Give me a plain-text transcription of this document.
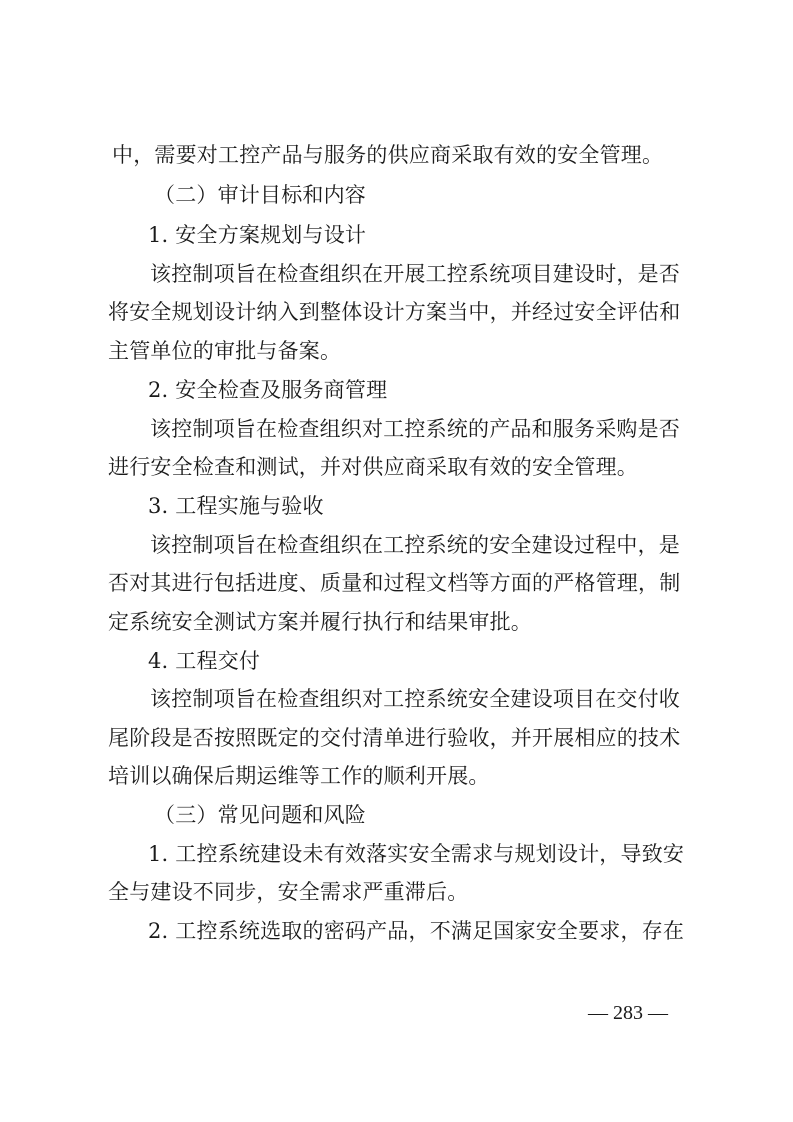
中，需要对工控产品与服务的供应商采取有效的安全管理。
（二）审计目标和内容
1. 安全方案规划与设计
该控制项旨在检查组织在开展工控系统项目建设时，是否
将安全规划设计纳入到整体设计方案当中，并经过安全评估和
主管单位的审批与备案。
2. 安全检查及服务商管理
该控制项旨在检查组织对工控系统的产品和服务采购是否
进行安全检查和测试，并对供应商采取有效的安全管理。
3. 工程实施与验收
该控制项旨在检查组织在工控系统的安全建设过程中，是
否对其进行包括进度、质量和过程文档等方面的严格管理，制
定系统安全测试方案并履行执行和结果审批。
4. 工程交付
该控制项旨在检查组织对工控系统安全建设项目在交付收
尾阶段是否按照既定的交付清单进行验收，并开展相应的技术
培训以确保后期运维等工作的顺利开展。
（三）常见问题和风险
1. 工控系统建设未有效落实安全需求与规划设计，导致安
全与建设不同步，安全需求严重滞后。
2. 工控系统选取的密码产品，不满足国家安全要求，存在
— 283 —
